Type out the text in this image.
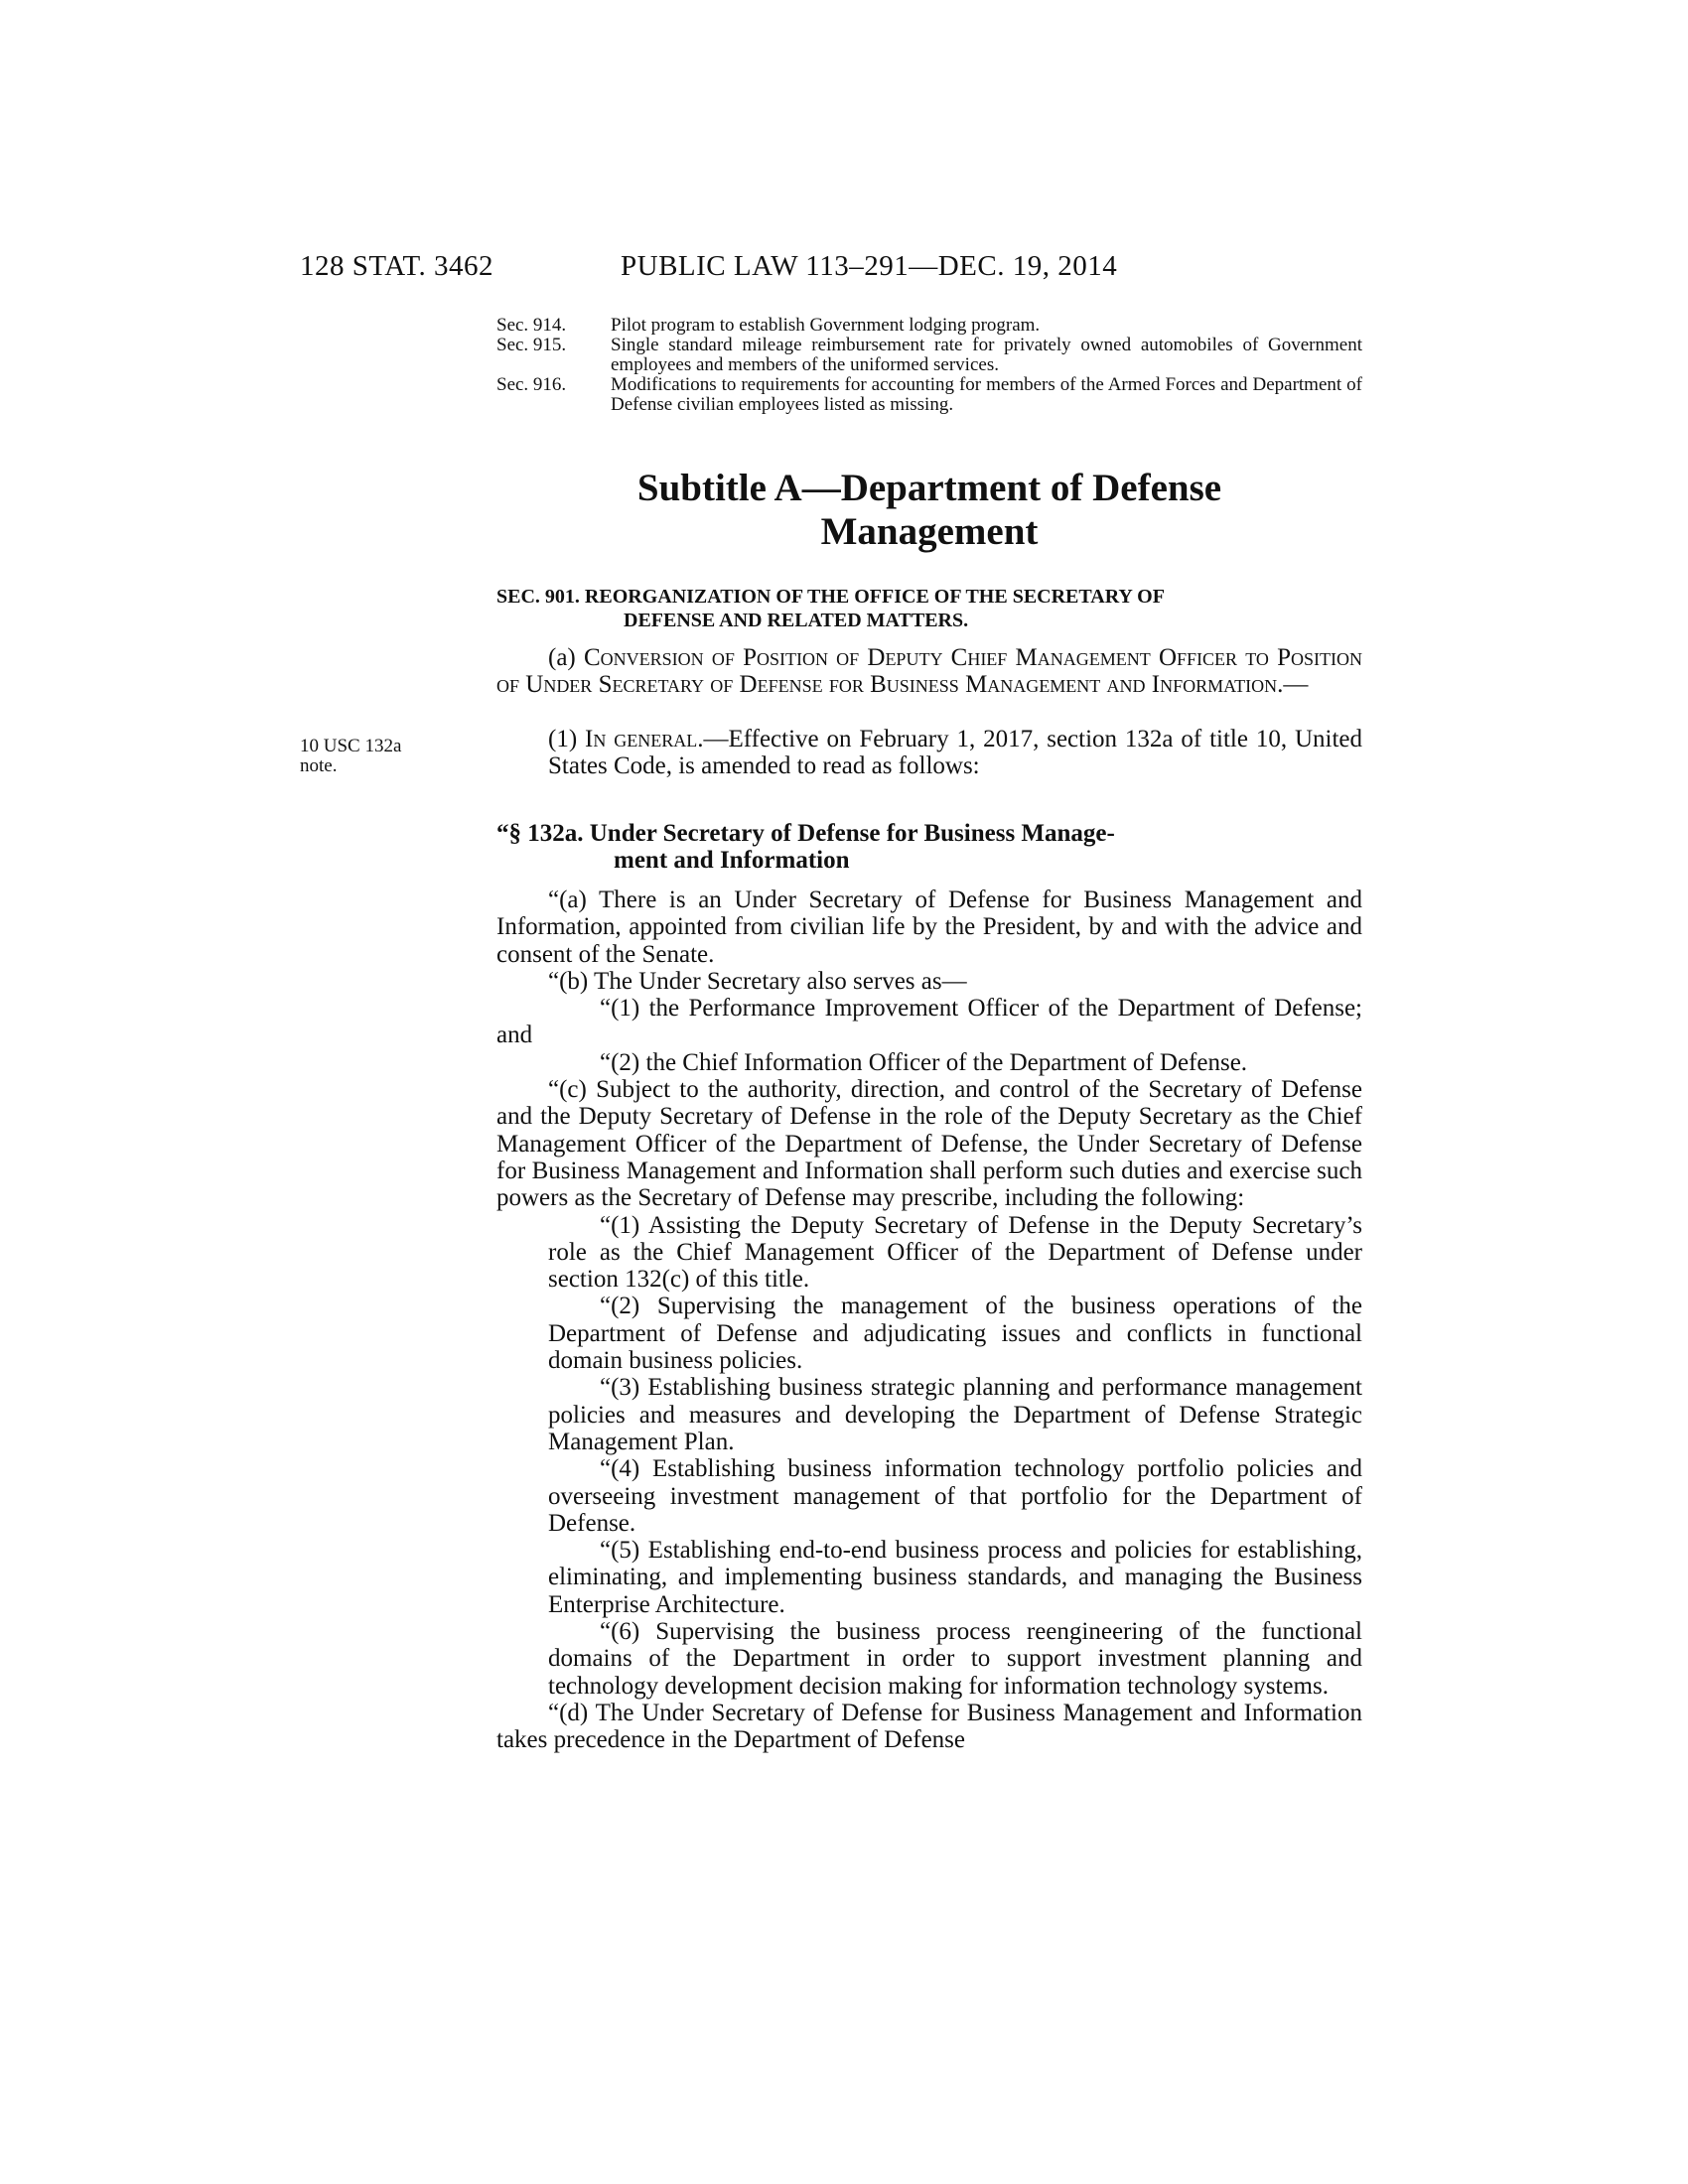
128 STAT. 3462	PUBLIC LAW 113–291—DEC. 19, 2014
Sec. 914.	Pilot program to establish Government lodging program.
Sec. 915.	Single standard mileage reimbursement rate for privately owned automobiles of Government employees and members of the uniformed services.
Sec. 916.	Modifications to requirements for accounting for members of the Armed Forces and Department of Defense civilian employees listed as missing.
Subtitle A—Department of Defense
Management
SEC. 901. REORGANIZATION OF THE OFFICE OF THE SECRETARY OF
DEFENSE AND RELATED MATTERS.
10 USC 132a
note.

(a) Conversion of Position of Deputy Chief Management Officer to Position of Under Secretary of Defense for Business Management and Information.—

(1) In general.—Effective on February 1, 2017, section 132a of title 10, United States Code, is amended to read as follows:

“§ 132a. Under Secretary of Defense for Business Manage-
ment and Information

“(a) There is an Under Secretary of Defense for Business Management and Information, appointed from civilian life by the President, by and with the advice and consent of the Senate.

“(b) The Under Secretary also serves as—

“(1) the Performance Improvement Officer of the Department of Defense; and

“(2) the Chief Information Officer of the Department of Defense.

“(c) Subject to the authority, direction, and control of the Secretary of Defense and the Deputy Secretary of Defense in the role of the Deputy Secretary as the Chief Management Officer of the Department of Defense, the Under Secretary of Defense for Business Management and Information shall perform such duties and exercise such powers as the Secretary of Defense may prescribe, including the following:

“(1) Assisting the Deputy Secretary of Defense in the Deputy Secretary’s role as the Chief Management Officer of the Department of Defense under section 132(c) of this title.

“(2) Supervising the management of the business operations of the Department of Defense and adjudicating issues and conflicts in functional domain business policies.

“(3) Establishing business strategic planning and performance management policies and measures and developing the Department of Defense Strategic Management Plan.

“(4) Establishing business information technology portfolio policies and overseeing investment management of that portfolio for the Department of Defense.

“(5) Establishing end-to-end business process and policies for establishing, eliminating, and implementing business standards, and managing the Business Enterprise Architecture.

“(6) Supervising the business process reengineering of the functional domains of the Department in order to support investment planning and technology development decision making for information technology systems.

“(d) The Under Secretary of Defense for Business Management and Information takes precedence in the Department of Defense
